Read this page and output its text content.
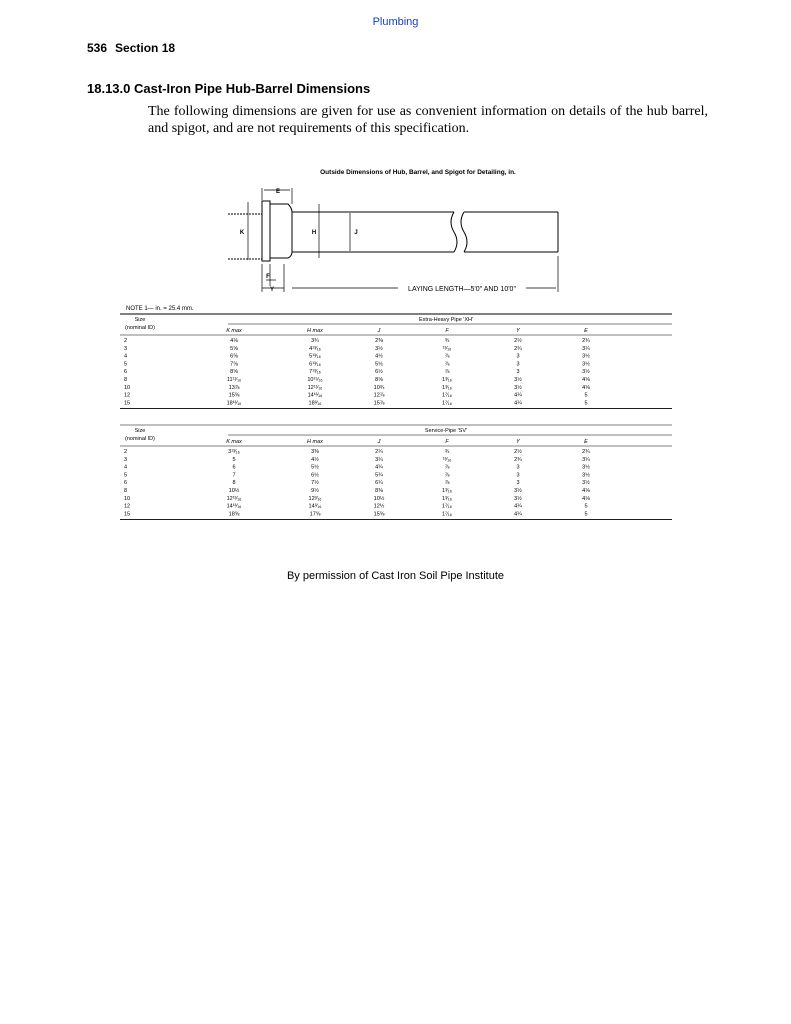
Plumbing
536 Section 18
18.13.0 Cast-Iron Pipe Hub-Barrel Dimensions
The following dimensions are given for use as convenient information on details of the hub barrel, and spigot, and are not requirements of this specification.
Outside Dimensions of Hub, Barrel, and Spigot for Detailing, in.
E
K	H	J
F
Y	LAYING LENGTH—5'0" AND 10'0"
NOTE 1— in. = 25.4 mm.
Size
(nominal ID)
Extra-Heavy Pipe 'XH'
K max	H max	J	F	Y	E
2	4⅛	3¾	2⅜	¾	2½	2¾
3	5⅝	4¹³⁄₁₆	3½	¹³⁄₁₆	2¾	3¼
4	6⅝	5¹³⁄₁₆	4½	⅞	3	3½
5	7⅝	6¹³⁄₁₆	5½	⅞	3	3½
6	8⅝	7¹³⁄₁₆	6½	⅞	3	3½
8	11¹¹⁄₁₆	10¹⁵⁄₁₆	8⅝	1³⁄₁₆	3½	4⅛
10	13⅞	12¹¹⁄₁₆	10¾	1³⁄₁₆	3½	4⅛
12	15⅝	14¹³⁄₁₆	12⅞	1⁷⁄₁₆	4¼	5
15	18¹³⁄₁₆	18³⁄₁₆	15⅞	1⁷⁄₁₆	4¼	5
Size
(nominal ID)
Service-Pipe 'SV'
K max	H max	J	F	Y	E
2	3¹³⁄₁₆	3⅜	2¼	¾	2½	2¾
3	5	4½	3¼	¹³⁄₁₆	2¾	3¼
4	6	5½	4¼	⅞	3	3½
5	7	6½	5¼	⅞	3	3½
6	8	7½	6¼	⅞	3	3½
8	10½	9½	8⅜	1³⁄₁₆	3½	4⅛
10	12¹³⁄₁₆	12³⁄₁₆	10½	1³⁄₁₆	3½	4⅛
12	14¹³⁄₁₆	14³⁄₁₆	12½	1⁷⁄₁₆	4¼	5
15	18⅝	17⅝	15⅝	1⁷⁄₁₆	4¼	5
By permission of Cast Iron Soil Pipe Institute
